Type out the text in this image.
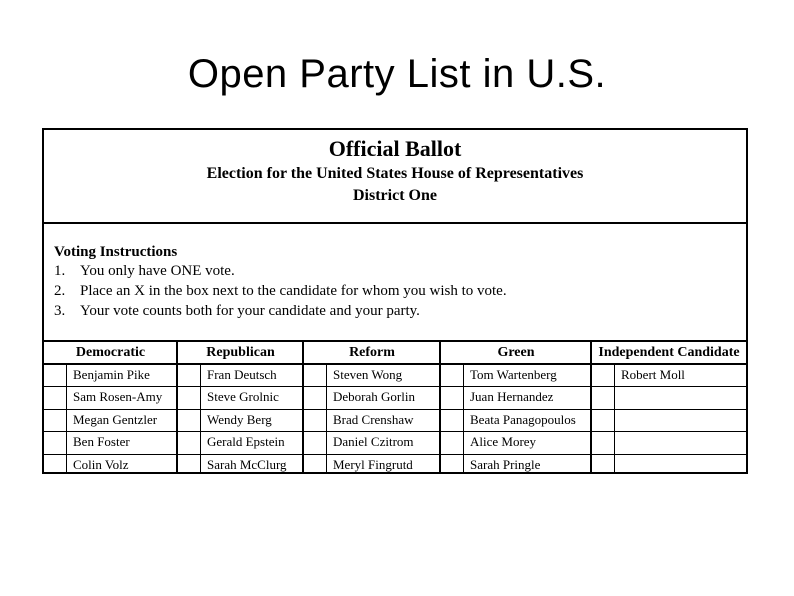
Open Party List in U.S.
Official Ballot
Election for the United States House of Representatives
District One
Voting Instructions
1. You only have ONE vote.
2. Place an X in the box next to the candidate for whom you wish to vote.
3. Your vote counts both for your candidate and your party.
Democratic
Benjamin Pike
Sam Rosen-Amy
Megan Gentzler
Ben Foster
Colin Volz
Republican
Fran Deutsch
Steve Grolnic
Wendy Berg
Gerald Epstein
Sarah McClurg
Reform
Steven Wong
Deborah Gorlin
Brad Crenshaw
Daniel Czitrom
Meryl Fingrutd
Green
Tom Wartenberg
Juan Hernandez
Beata Panagopoulos
Alice Morey
Sarah Pringle
Independent Candidate
Robert Moll
